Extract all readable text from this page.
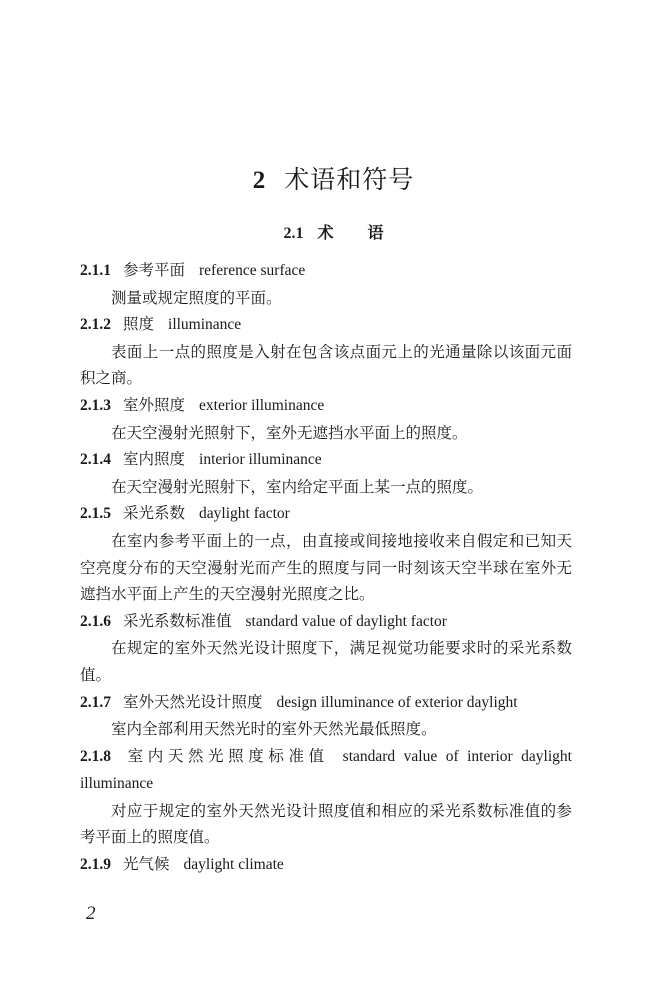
2 术语和符号
2.1 术 语

2.1.1 参考平面 reference surface

测量或规定照度的平面。

2.1.2 照度 illuminance

表面上一点的照度是入射在包含该点面元上的光通量除以该面元面积之商。

2.1.3 室外照度 exterior illuminance

在天空漫射光照射下，室外无遮挡水平面上的照度。

2.1.4 室内照度 interior illuminance

在天空漫射光照射下，室内给定平面上某一点的照度。

2.1.5 采光系数 daylight factor

在室内参考平面上的一点，由直接或间接地接收来自假定和已知天空亮度分布的天空漫射光而产生的照度与同一时刻该天空半球在室外无遮挡水平面上产生的天空漫射光照度之比。

2.1.6 采光系数标准值 standard value of daylight factor

在规定的室外天然光设计照度下，满足视觉功能要求时的采光系数值。

2.1.7 室外天然光设计照度 design illuminance of exterior daylight

室内全部利用天然光时的室外天然光最低照度。

2.1.8 室内天然光照度标准值 standard value of interior daylight illuminance

对应于规定的室外天然光设计照度值和相应的采光系数标准值的参考平面上的照度值。

2.1.9 光气候 daylight climate

2
